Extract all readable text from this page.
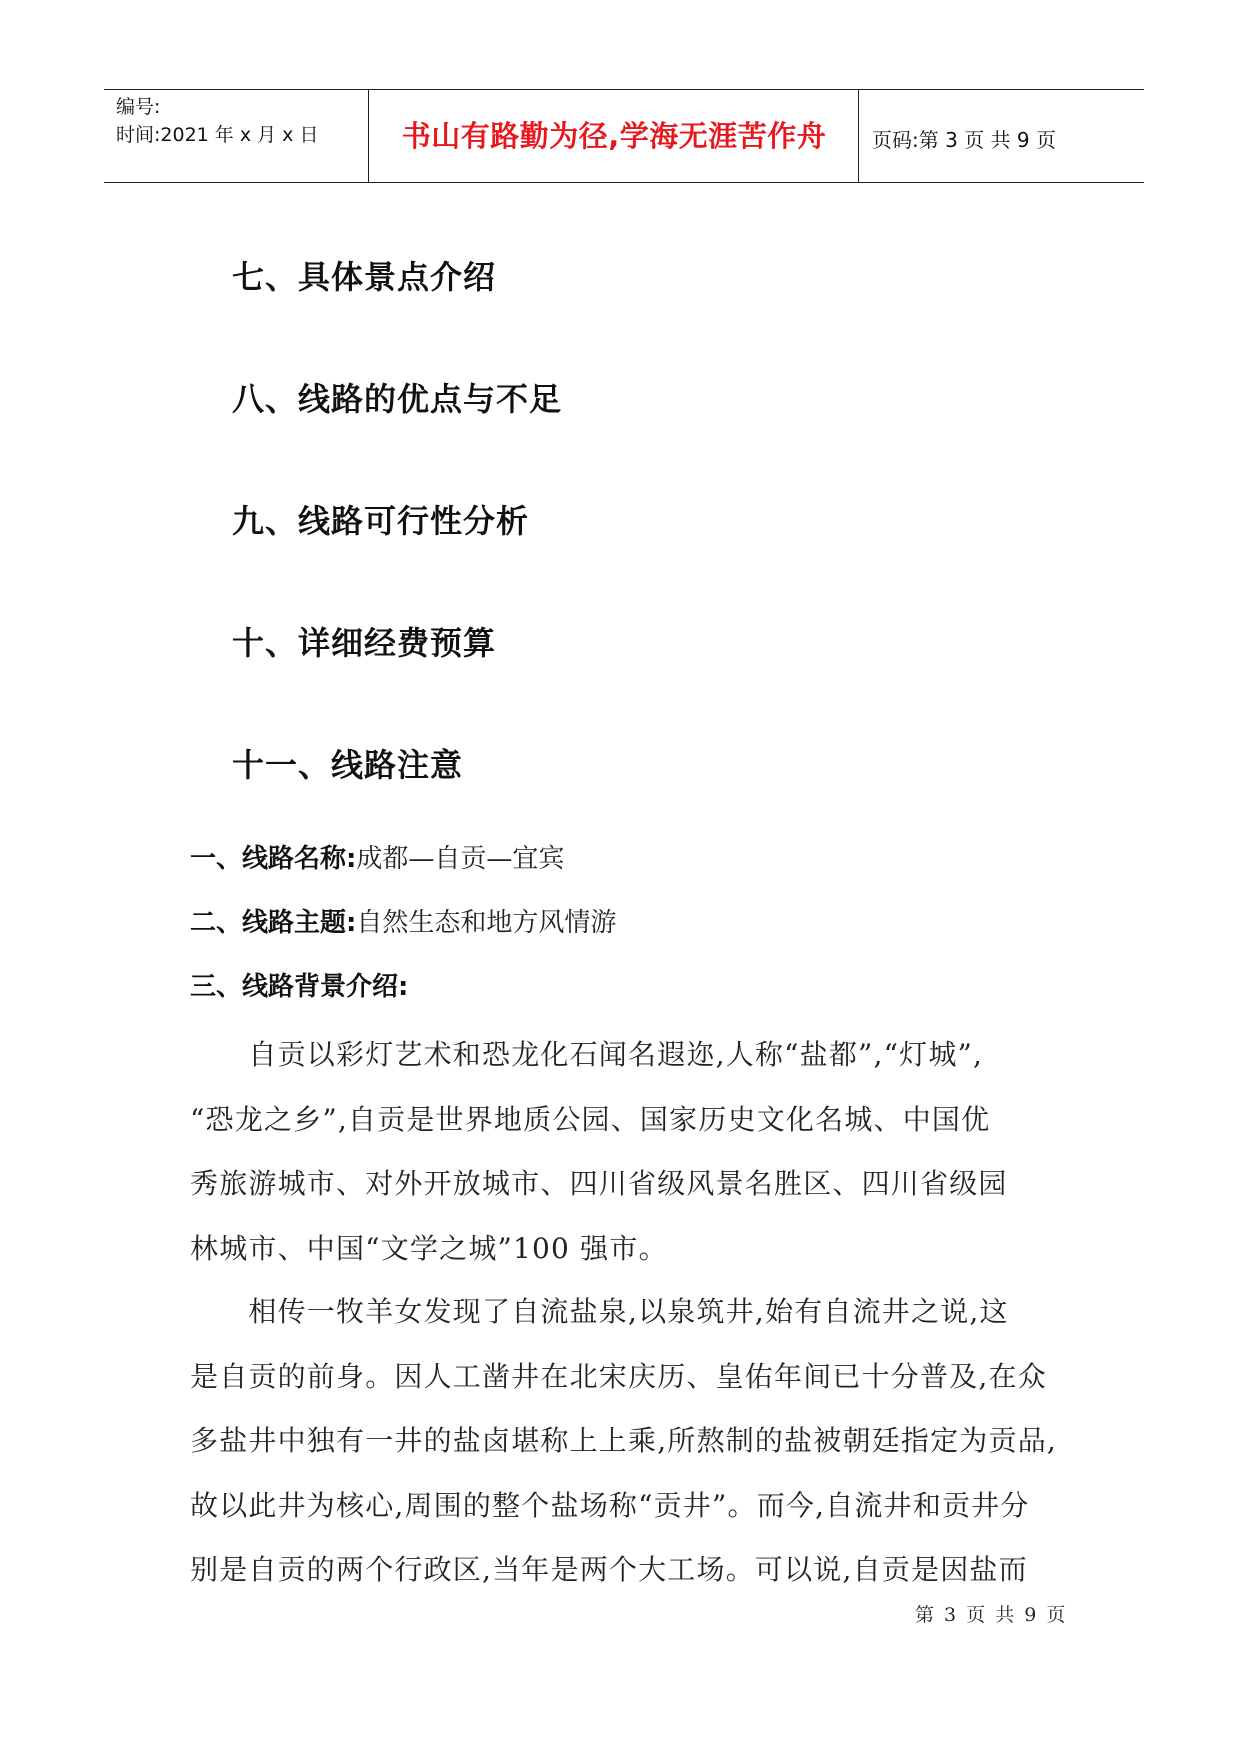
编号:
时间:2021 年 x 月 x 日	书山有路勤为径,学海无涯苦作舟	页码:第 3 页 共 9 页
七、具体景点介绍
八、线路的优点与不足
九、线路可行性分析
十、详细经费预算
十一、线路注意
一、线路名称:成都—自贡—宜宾
二、线路主题:自然生态和地方风情游
三、线路背景介绍:
　　自贡以彩灯艺术和恐龙化石闻名遐迩,人称“盐都”,“灯城”,
“恐龙之乡”,自贡是世界地质公园、国家历史文化名城、中国优
秀旅游城市、对外开放城市、四川省级风景名胜区、四川省级园
林城市、中国“文学之城”100 强市。
　　相传一牧羊女发现了自流盐泉,以泉筑井,始有自流井之说,这
是自贡的前身。因人工凿井在北宋庆历、皇佑年间已十分普及,在众
多盐井中独有一井的盐卤堪称上上乘,所熬制的盐被朝廷指定为贡品,
故以此井为核心,周围的整个盐场称“贡井”。而今,自流井和贡井分
别是自贡的两个行政区,当年是两个大工场。可以说,自贡是因盐而
第 3 页 共 9 页
